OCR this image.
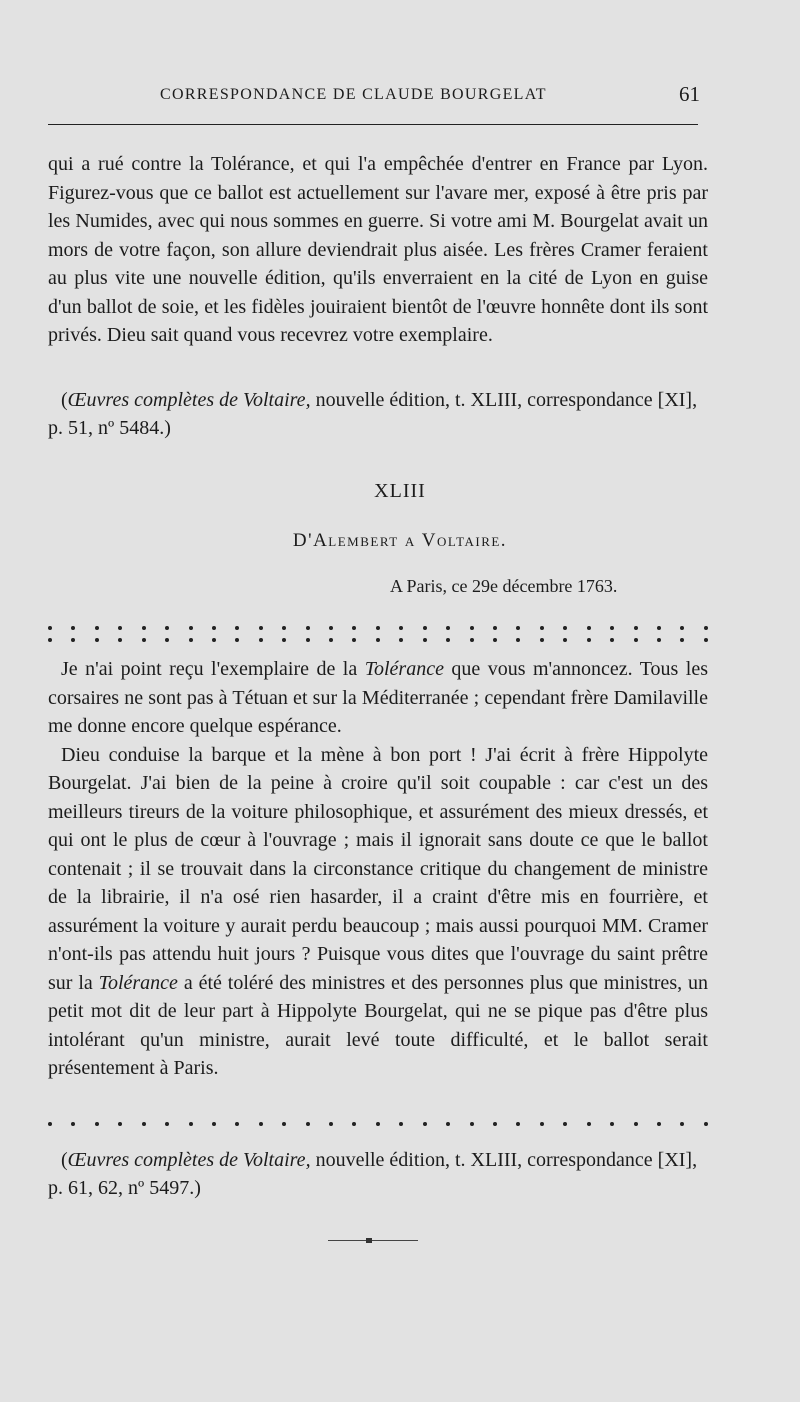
CORRESPONDANCE DE CLAUDE BOURGELAT	61

qui a rué contre la Tolérance, et qui l'a empêchée d'entrer en France par Lyon. Figurez-vous que ce ballot est actuellement sur l'avare mer, exposé à être pris par les Numides, avec qui nous sommes en guerre. Si votre ami M. Bourgelat avait un mors de votre façon, son allure deviendrait plus aisée. Les frères Cramer feraient au plus vite une nouvelle édition, qu'ils enverraient en la cité de Lyon en guise d'un ballot de soie, et les fidèles jouiraient bientôt de l'œuvre honnête dont ils sont privés. Dieu sait quand vous recevrez votre exemplaire.

(Œuvres complètes de Voltaire, nouvelle édition, t. XLIII, correspondance [XI], p. 51, nº 5484.)

XLIII
D'Alembert a Voltaire.
A Paris, ce 29e décembre 1763.

Je n'ai point reçu l'exemplaire de la Tolérance que vous m'annoncez. Tous les corsaires ne sont pas à Tétuan et sur la Méditerranée ; cependant frère Damilaville me donne encore quelque espérance.

Dieu conduise la barque et la mène à bon port ! J'ai écrit à frère Hippolyte Bourgelat. J'ai bien de la peine à croire qu'il soit coupable : car c'est un des meilleurs tireurs de la voiture philosophique, et assurément des mieux dressés, et qui ont le plus de cœur à l'ouvrage ; mais il ignorait sans doute ce que le ballot contenait ; il se trouvait dans la circonstance critique du changement de ministre de la librairie, il n'a osé rien hasarder, il a craint d'être mis en fourrière, et assurément la voiture y aurait perdu beaucoup ; mais aussi pourquoi MM. Cramer n'ont-ils pas attendu huit jours ? Puisque vous dites que l'ouvrage du saint prêtre sur la Tolérance a été toléré des ministres et des personnes plus que ministres, un petit mot dit de leur part à Hippolyte Bourgelat, qui ne se pique pas d'être plus intolérant qu'un ministre, aurait levé toute difficulté, et le ballot serait présentement à Paris.

(Œuvres complètes de Voltaire, nouvelle édition, t. XLIII, correspondance [XI], p. 61, 62, nº 5497.)
